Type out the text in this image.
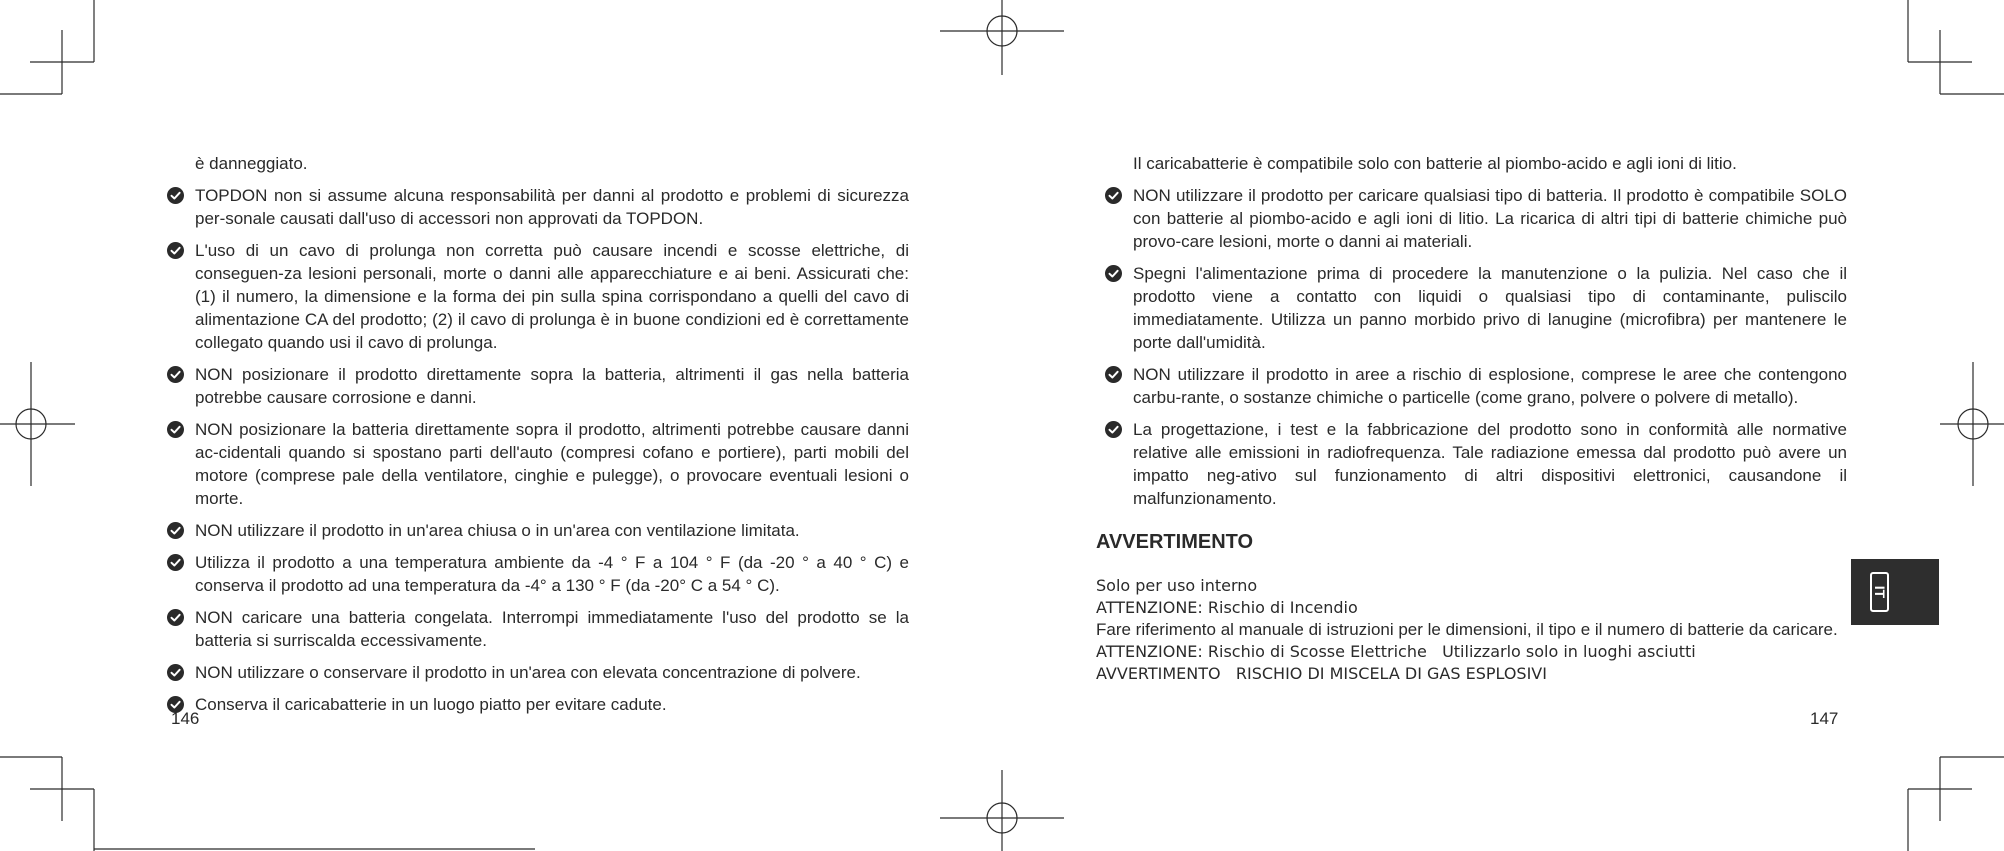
è danneggiato.

TOPDON non si assume alcuna responsabilità per danni al prodotto e problemi di sicurezza per-sonale causati dall'uso di accessori non approvati da TOPDON.
L'uso di un cavo di prolunga non corretta può causare incendi e scosse elettriche, di conseguen-za lesioni personali, morte o danni alle apparecchiature e ai beni. Assicurati che: (1) il numero, la dimensione e la forma dei pin sulla spina corrispondano a quelli del cavo di alimentazione CA del prodotto; (2) il cavo di prolunga è in buone condizioni ed è correttamente collegato quando usi il cavo di prolunga.
NON posizionare il prodotto direttamente sopra la batteria, altrimenti il gas nella batteria potrebbe causare corrosione e danni.
NON posizionare la batteria direttamente sopra il prodotto, altrimenti potrebbe causare danni ac-cidentali quando si spostano parti dell'auto (compresi cofano e portiere), parti mobili del motore (comprese pale della ventilatore, cinghie e pulegge), o provocare eventuali lesioni o morte.
NON utilizzare il prodotto in un'area chiusa o in un'area con ventilazione limitata.
Utilizza il prodotto a una temperatura ambiente da -4 ° F a 104 ° F (da -20 ° a 40 ° C) e conserva il prodotto ad una temperatura da -4° a 130 ° F (da -20° C a 54 ° C).
NON caricare una batteria congelata. Interrompi immediatamente l'uso del prodotto se la batteria si surriscalda eccessivamente.
NON utilizzare o conservare il prodotto in un'area con elevata concentrazione di polvere.
Conserva il caricabatterie in un luogo piatto per evitare cadute.
146

Il caricabatterie è compatibile solo con batterie al piombo-acido e agli ioni di litio.

NON utilizzare il prodotto per caricare qualsiasi tipo di batteria. Il prodotto è compatibile SOLO con batterie al piombo-acido e agli ioni di litio. La ricarica di altri tipi di batterie chimiche può provo-care lesioni, morte o danni ai materiali.
Spegni l'alimentazione prima di procedere la manutenzione o la pulizia. Nel caso che il prodotto viene a contatto con liquidi o qualsiasi tipo di contaminante, puliscilo immediatamente. Utilizza un panno morbido privo di lanugine (microfibra) per mantenere le porte dall'umidità.
NON utilizzare il prodotto in aree a rischio di esplosione, comprese le aree che contengono carbu-rante, o sostanze chimiche o particelle (come grano, polvere o polvere di metallo).
La progettazione, i test e la fabbricazione del prodotto sono in conformità alle normative relative alle emissioni in radiofrequenza. Tale radiazione emessa dal prodotto può avere un impatto neg-ativo sul funzionamento di altri dispositivi elettronici, causandone il malfunzionamento.
AVVERTIMENTO
Solo per uso interno
ATTENZIONE: Rischio di Incendio
Fare riferimento al manuale di istruzioni per le dimensioni, il tipo e il numero di batterie da caricare.
ATTENZIONE: Rischio di Scosse Elettriche   Utilizzarlo solo in luoghi asciutti
AVVERTIMENTO   RISCHIO DI MISCELA DI GAS ESPLOSIVI
147
IT
